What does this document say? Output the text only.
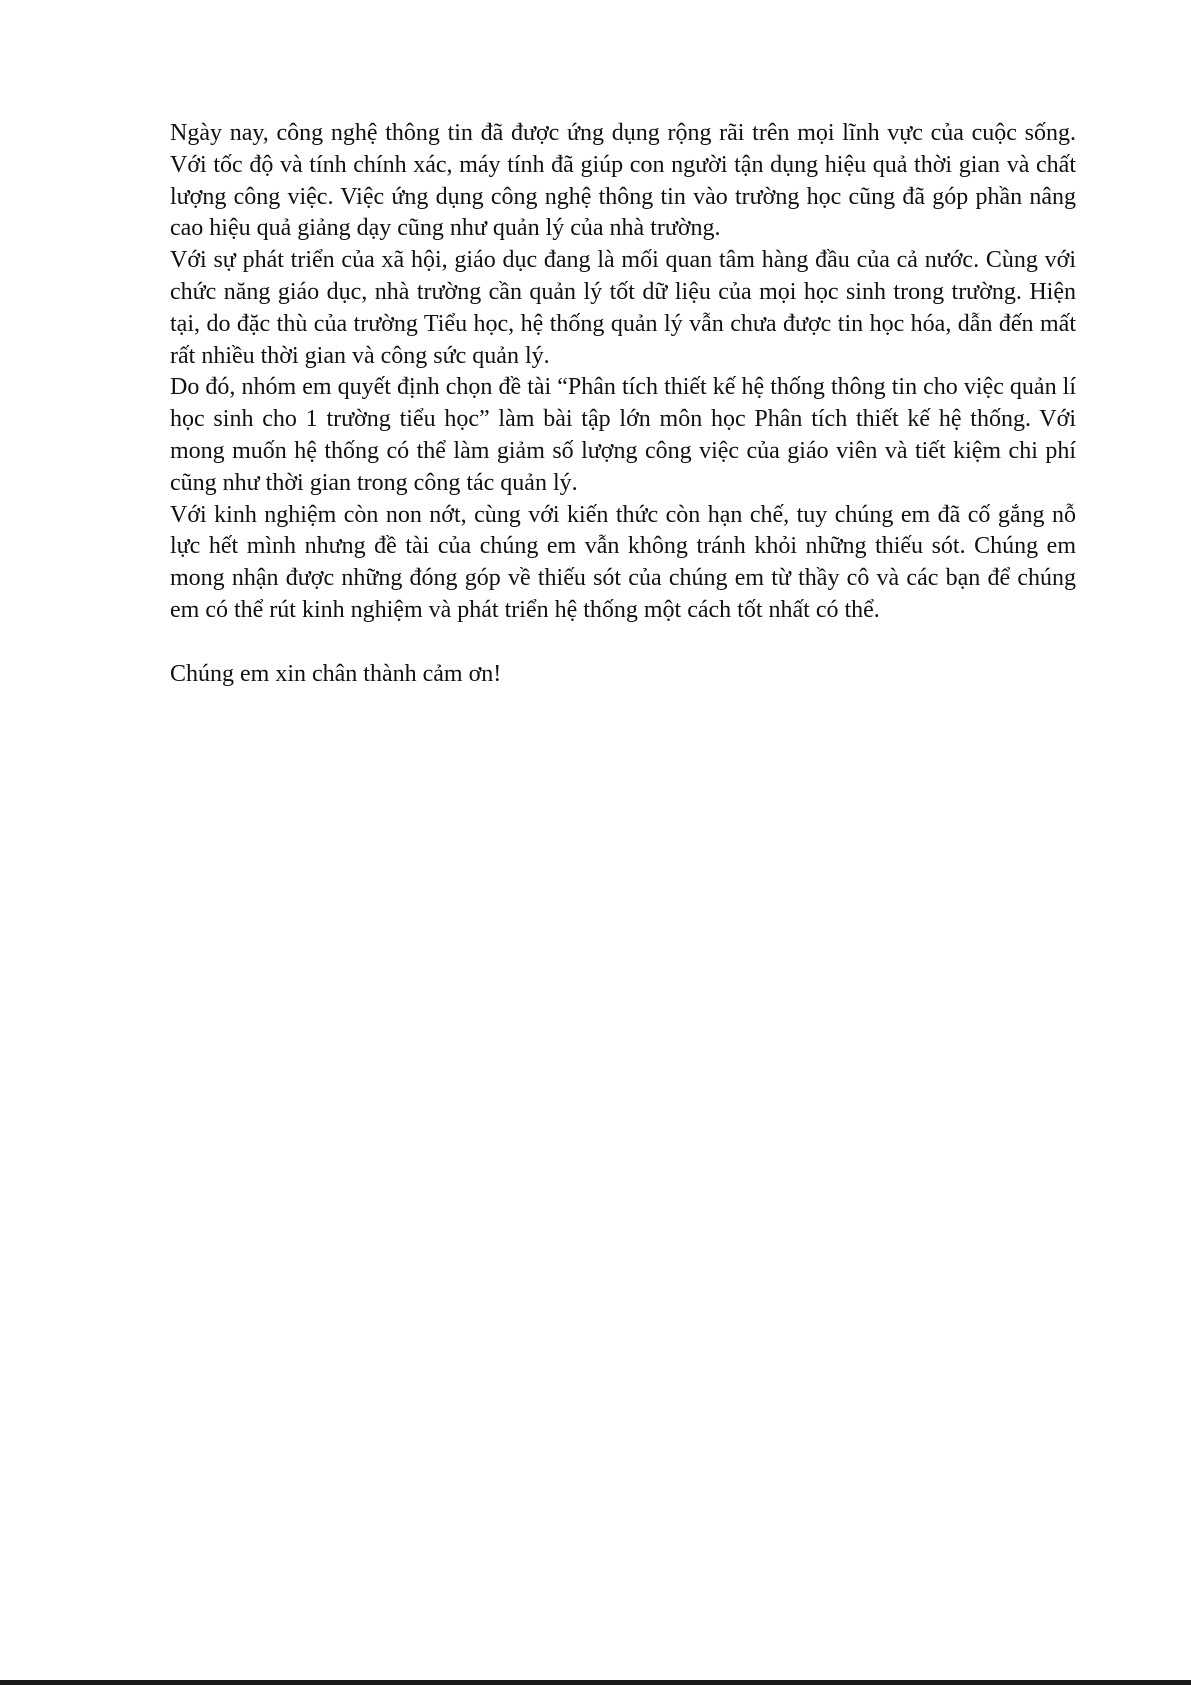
Ngày nay, công nghệ thông tin đã được ứng dụng rộng rãi trên mọi lĩnh vực của cuộc sống. Với tốc độ và tính chính xác, máy tính đã giúp con người tận dụng hiệu quả thời gian và chất lượng công việc. Việc ứng dụng công nghệ thông tin vào trường học cũng đã góp phần nâng cao hiệu quả giảng dạy cũng như quản lý của nhà trường.

Với sự phát triển của xã hội, giáo dục đang là mối quan tâm hàng đầu của cả nước. Cùng với chức năng giáo dục, nhà trường cần quản lý tốt dữ liệu của mọi học sinh trong trường. Hiện tại, do đặc thù của trường Tiểu học, hệ thống quản lý vẫn chưa được tin học hóa, dẫn đến mất rất nhiều thời gian và công sức quản lý.

Do đó, nhóm em quyết định chọn đề tài “Phân tích thiết kế hệ thống thông tin cho việc quản lí học sinh cho 1 trường tiểu học” làm bài tập lớn môn học Phân tích thiết kế hệ thống. Với mong muốn hệ thống có thể làm giảm số lượng công việc của giáo viên và tiết kiệm chi phí cũng như thời gian trong công tác quản lý.

Với kinh nghiệm còn non nớt, cùng với kiến thức còn hạn chế, tuy chúng em đã cố gắng nỗ lực hết mình nhưng đề tài của chúng em vẫn không tránh khỏi những thiếu sót. Chúng em mong nhận được những đóng góp về thiếu sót của chúng em từ thầy cô và các bạn để chúng em có thể rút kinh nghiệm và phát triển hệ thống một cách tốt nhất có thể.

Chúng em xin chân thành cảm ơn!
